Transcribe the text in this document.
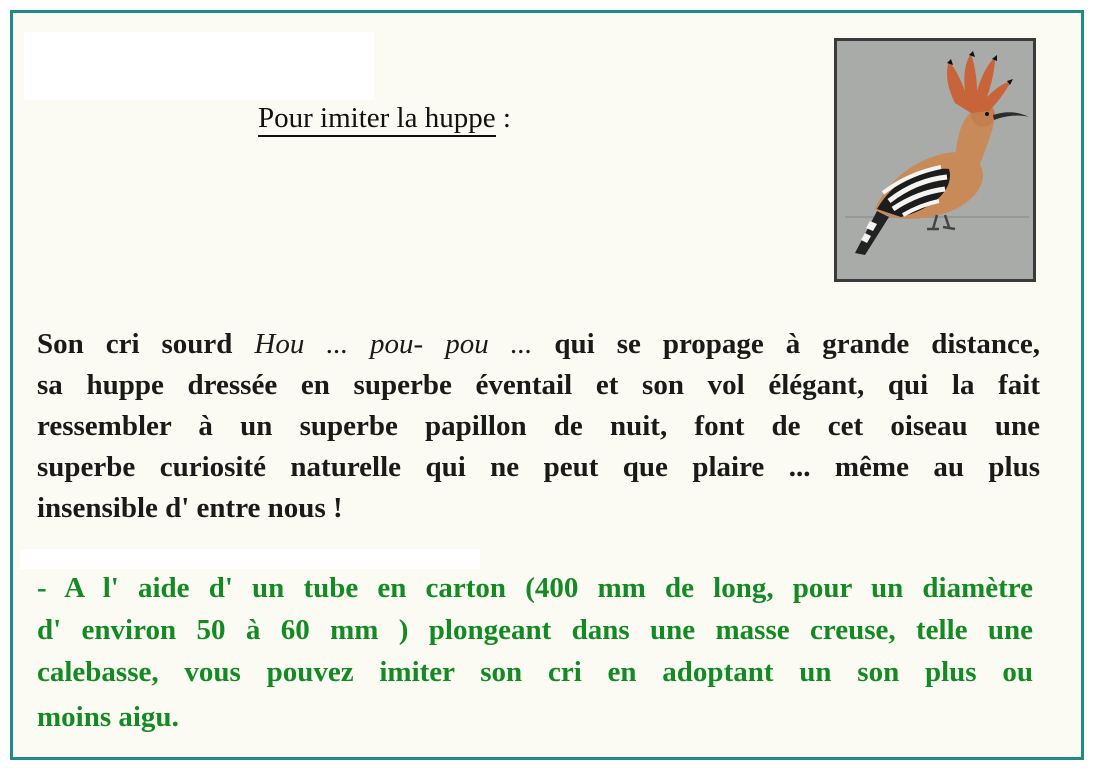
Pour imiter la huppe :
Son cri sourd Hou ... pou- pou ... qui se propage à grande distance,
sa huppe dressée en superbe éventail et son vol élégant, qui la fait
ressembler à un superbe papillon de nuit, font de cet oiseau une
superbe curiosité naturelle qui ne peut que plaire ... même au plus
insensible d' entre nous !
- A l' aide d' un tube en carton (400 mm de long, pour un diamètre
d' environ 50 à 60 mm ) plongeant dans une masse creuse, telle une
calebasse, vous pouvez imiter son cri en adoptant un son plus ou
moins aigu.
